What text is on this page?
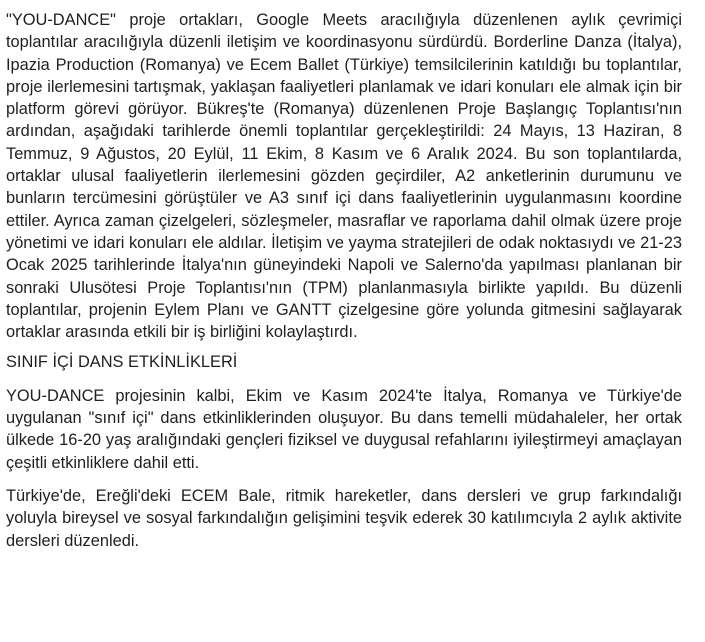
"YOU-DANCE" proje ortakları, Google Meets aracılığıyla düzenlenen aylık çevrimiçi toplantılar aracılığıyla düzenli iletişim ve koordinasyonu sürdürdü. Borderline Danza (İtalya), Ipazia Production (Romanya) ve Ecem Ballet (Türkiye) temsilcilerinin katıldığı bu toplantılar, proje ilerlemesini tartışmak, yaklaşan faaliyetleri planlamak ve idari konuları ele almak için bir platform görevi görüyor. Bükreş'te (Romanya) düzenlenen Proje Başlangıç Toplantısı'nın ardından, aşağıdaki tarihlerde önemli toplantılar gerçekleştirildi: 24 Mayıs, 13 Haziran, 8 Temmuz, 9 Ağustos, 20 Eylül, 11 Ekim, 8 Kasım ve 6 Aralık 2024. Bu son toplantılarda, ortaklar ulusal faaliyetlerin ilerlemesini gözden geçirdiler, A2 anketlerinin durumunu ve bunların tercümesini görüştüler ve A3 sınıf içi dans faaliyetlerinin uygulanmasını koordine ettiler. Ayrıca zaman çizelgeleri, sözleşmeler, masraflar ve raporlama dahil olmak üzere proje yönetimi ve idari konuları ele aldılar. İletişim ve yayma stratejileri de odak noktasıydı ve 21-23 Ocak 2025 tarihlerinde İtalya'nın güneyindeki Napoli ve Salerno'da yapılması planlanan bir sonraki Ulusötesi Proje Toplantısı'nın (TPM) planlanmasıyla birlikte yapıldı. Bu düzenli toplantılar, projenin Eylem Planı ve GANTT çizelgesine göre yolunda gitmesini sağlayarak ortaklar arasında etkili bir iş birliğini kolaylaştırdı.

SINIF İÇİ DANS ETKİNLİKLERİ

YOU-DANCE projesinin kalbi, Ekim ve Kasım 2024'te İtalya, Romanya ve Türkiye'de uygulanan "sınıf içi" dans etkinliklerinden oluşuyor. Bu dans temelli müdahaleler, her ortak ülkede 16-20 yaş aralığındaki gençleri fiziksel ve duygusal refahlarını iyileştirmeyi amaçlayan çeşitli etkinliklere dahil etti.

Türkiye'de, Ereğli'deki ECEM Bale, ritmik hareketler, dans dersleri ve grup farkındalığı yoluyla bireysel ve sosyal farkındalığın gelişimini teşvik ederek 30 katılımcıyla 2 aylık aktivite dersleri düzenledi.
